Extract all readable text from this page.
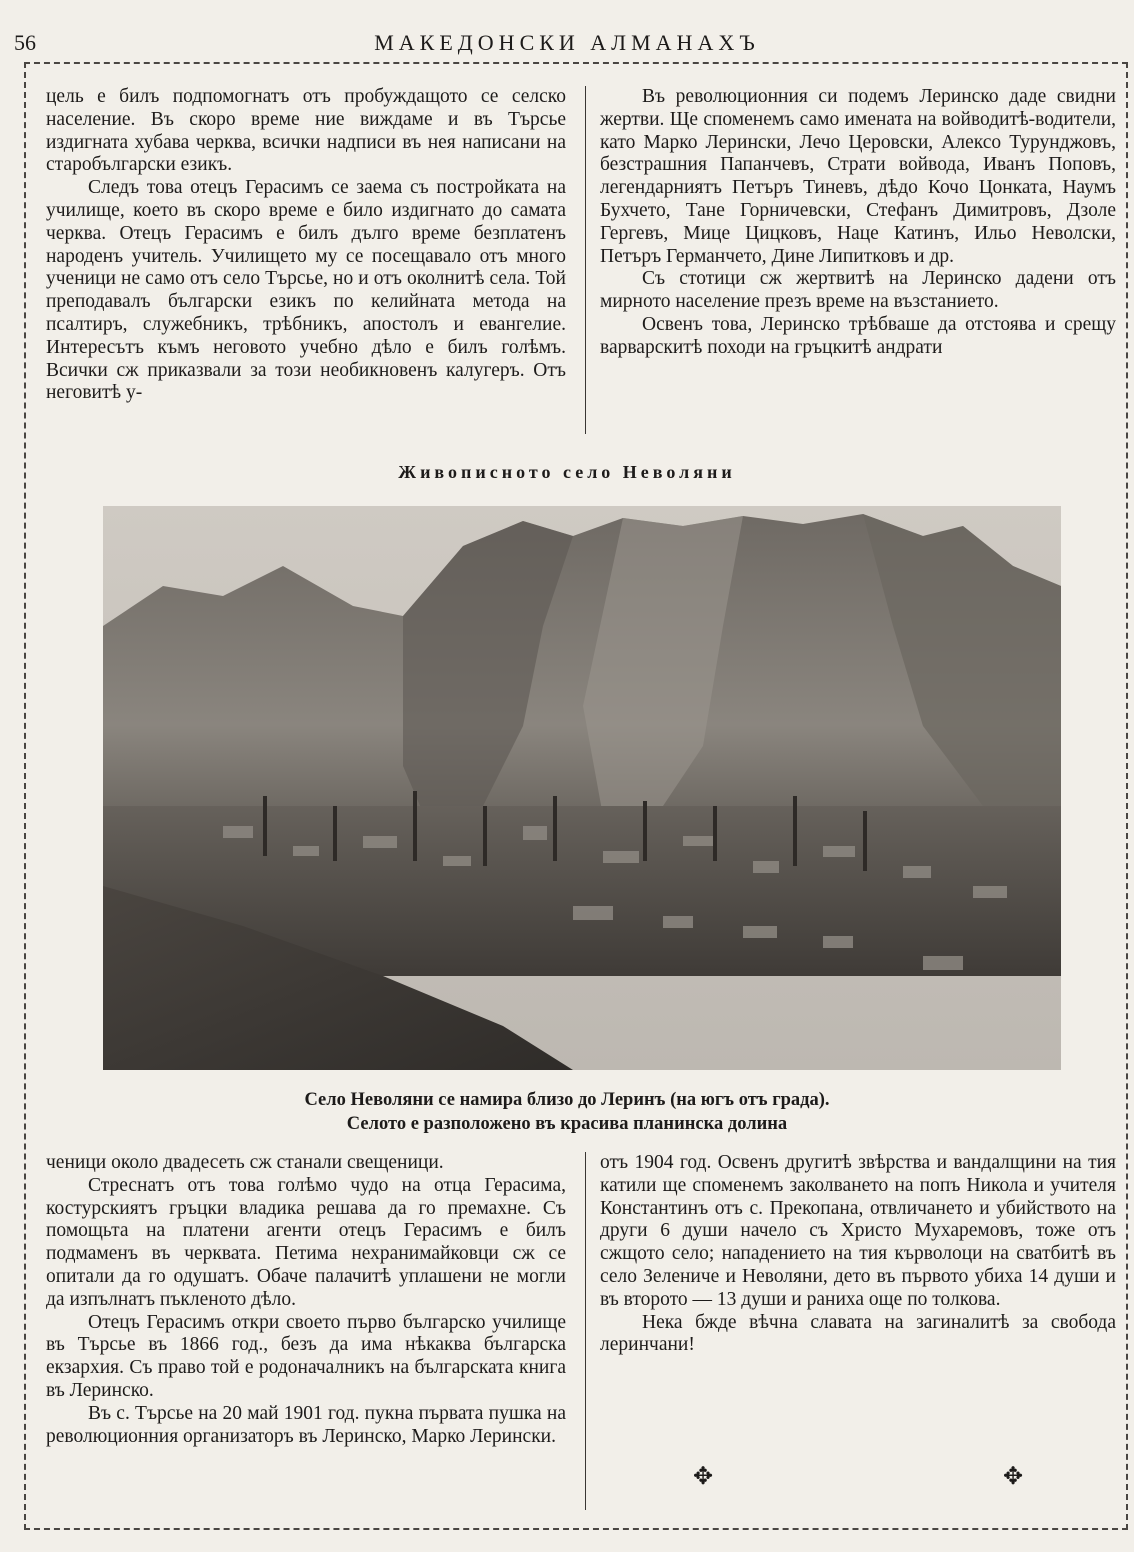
56	МАКЕДОНСКИ АЛМАНАХЪ

цель е билъ подпомогнатъ отъ пробуждащото се селско население. Въ скоро време ние виждаме и въ Търсье издигната хубава черква, всички надписи въ нея написани на старобългарски езикъ.

Следъ това отецъ Герасимъ се заема съ постройката на училище, което въ скоро време е било издигнато до самата черква. Отецъ Герасимъ е билъ дълго време безплатенъ народенъ учитель. Училището му се посещавало отъ много ученици не само отъ село Търсье, но и отъ околнитѣ села. Той преподавалъ български езикъ по келийната метода на псалтиръ, служебникъ, трѣбникъ, апостолъ и евангелие. Интересътъ къмъ неговото учебно дѣло е билъ голѣмъ. Всички сж приказвали за този необикновенъ калугеръ. Отъ неговитѣ у-

Въ революционния си подемъ Леринско даде свидни жертви. Ще споменемъ само имената на войводитѣ-водители, като Марко Лерински, Лечо Церовски, Алексо Турунджовъ, безстрашния Папанчевъ, Страти войвода, Иванъ Поповъ, легендарниятъ Петъръ Тиневъ, дѣдо Кочо Цонката, Наумъ Бухчето, Тане Горничевски, Стефанъ Димитровъ, Дзоле Гергевъ, Мице Цицковъ, Наце Катинъ, Ильо Неволски, Петъръ Германчето, Дине Липитковъ и др.

Съ стотици сж жертвитѣ на Леринско дадени отъ мирното население презъ време на възстанието.

Освенъ това, Леринско трѣбваше да отстоява и срещу варварскитѣ походи на гръцкитѣ андрати

Живописното село Неволяни
Село Неволяни се намира близо до Леринъ (на югъ отъ града).
Селото е разположено въ красива планинска долина

ченици около двадесеть сж станали свещеници.

Стреснатъ отъ това голѣмо чудо на отца Герасима, костурскиятъ гръцки владика решава да го премахне. Съ помощьта на платени агенти отецъ Герасимъ е билъ подмаменъ въ черквата. Петима нехранимайковци сж се опитали да го одушатъ. Обаче палачитѣ уплашени не могли да изпълнатъ пъкленото дѣло.

Отецъ Герасимъ откри своето първо българско училище въ Търсье въ 1866 год., безъ да има нѣкаква българска екзархия. Съ право той е родоначалникъ на българската книга въ Леринско.

Въ с. Търсье на 20 май 1901 год. пукна първата пушка на революционния организаторъ въ Леринско, Марко Лерински.

отъ 1904 год. Освенъ другитѣ звѣрства и вандалщини на тия катили ще споменемъ заколването на попъ Никола и учителя Константинъ отъ с. Прекопана, отвличането и убийството на други 6 души начело съ Христо Мухаремовъ, тоже отъ сжщото село; нападението на тия кърволоци на сватбитѣ въ село Зелениче и Неволяни, дето въ първото убиха 14 души и въ второто — 13 души и раниха още по толкова.

Нека бжде вѣчна славата на загиналитѣ за свобода леринчани!

✥	✥
